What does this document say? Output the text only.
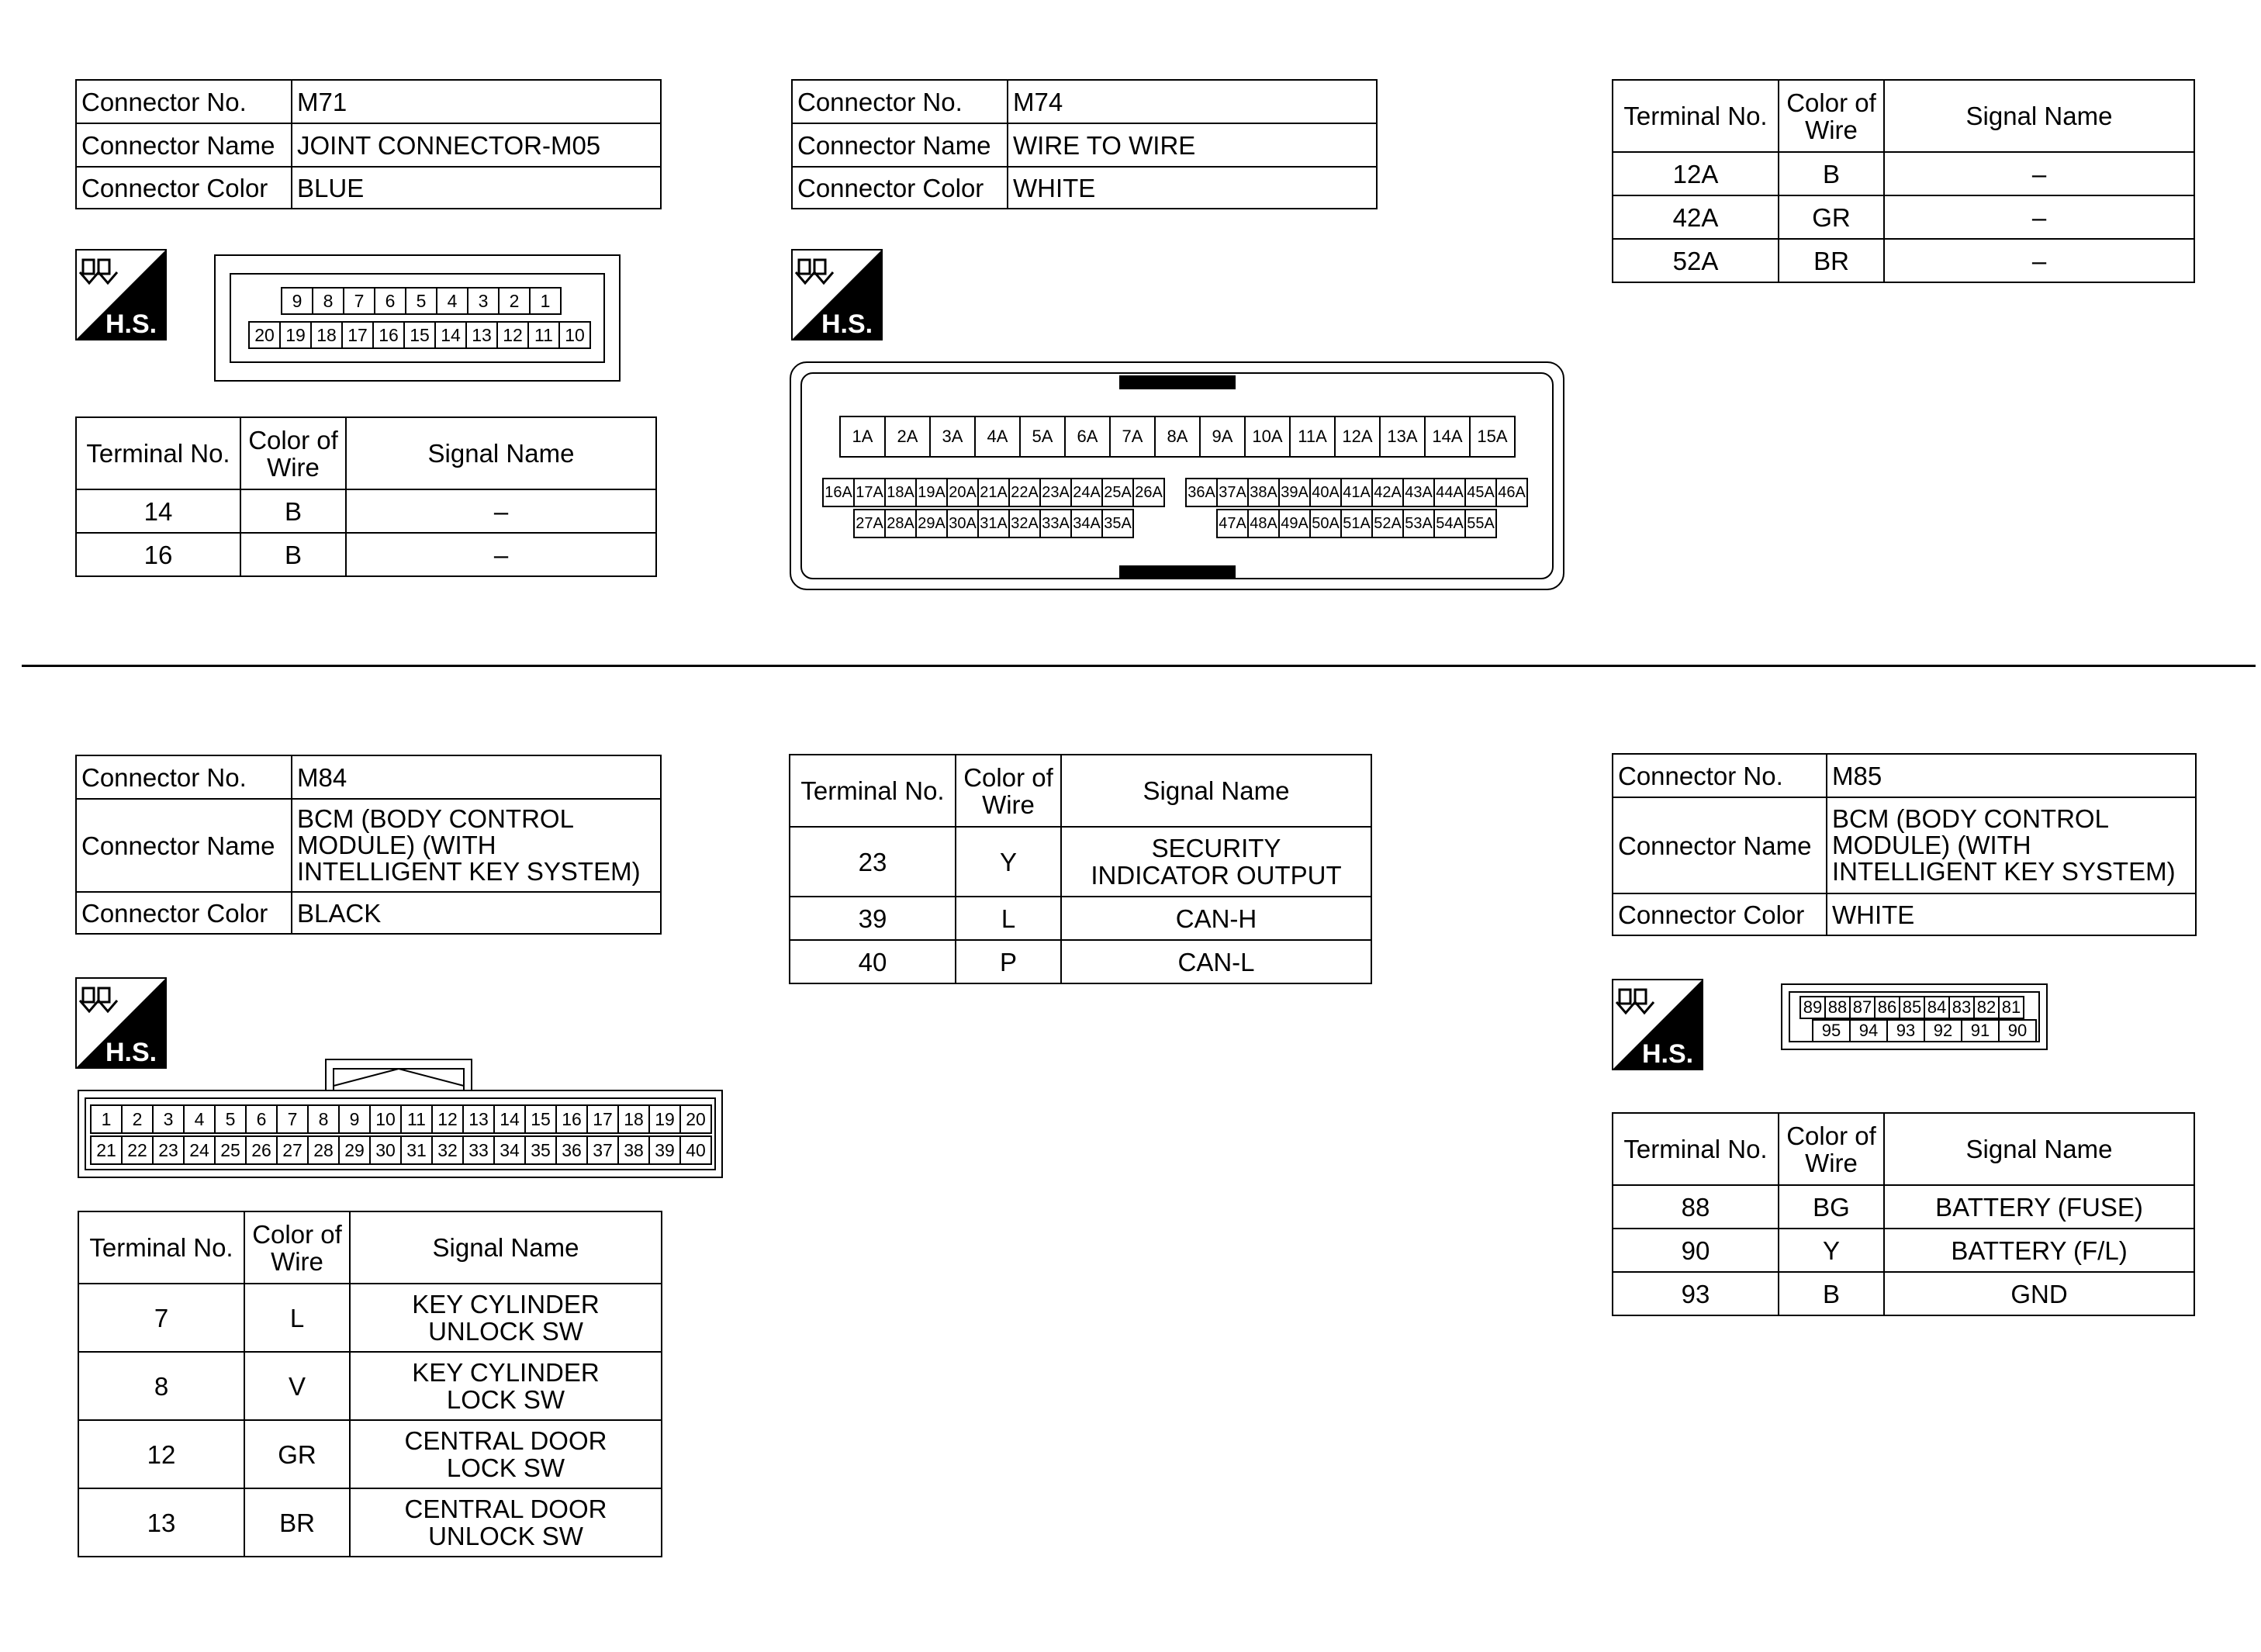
Connector No.	M71
Connector Name	JOINT CONNECTOR-M05
Connector Color	BLUE
H.S.
9	8	7	6	5	4	3	2	1
20 19 18 17 16 15 14 13 12 11 10
Terminal No.	Color of Wire	Signal Name
14	B	–
16	B	–
Connector No.	M74
Connector Name	WIRE TO WIRE
Connector Color	WHITE
H.S.
1A	2A	3A	4A	5A	6A	7A	8A	9A	10A 11A 12A 13A 14A 15A
16A 17A 18A 19A 20A 21A 22A 23A 24A 25A 26A 36A 37A 38A 39A 40A 41A 42A 43A 44A 45A 46A
27A 28A 29A 30A 31A 32A 33A 34A 35A	47A 48A 49A 50A 51A 52A 53A 54A 55A
Terminal No.	Color of Wire	Signal Name
12A	B	–
42A	GR	–
52A	BR	–
Connector No.	M84
Connector Name	BCM (BODY CONTROL
MODULE) (WITH
INTELLIGENT KEY SYSTEM)

Connector Color	BLACK
H.S.
1	2	3	4	5	6	7	8	9 10 11 12 13 14 15 16 17 18 19 20
21 22 23 24 25 26 27 28 29 30 31 32 33 34 35 36 37 38 39 40
Terminal No.	Color of Wire	Signal Name
7	L	KEY CYLINDER
UNLOCK SW

8	V	KEY CYLINDER
LOCK SW

12	GR	CENTRAL DOOR
LOCK SW

13	BR	CENTRAL DOOR
UNLOCK SW
Terminal No.	Color of Wire	Signal Name
23	Y	SECURITY
INDICATOR OUTPUT

39	L	CAN-H
40	P	CAN-L
Connector No.	M85
Connector Name	BCM (BODY CONTROL
MODULE) (WITH
INTELLIGENT KEY SYSTEM)

Connector Color	WHITE
H.S.
89 88 87 86 85 84 83 82 81
95	94	93	92	91	90
Terminal No.	Color of Wire	Signal Name
88	BG	BATTERY (FUSE)
90	Y	BATTERY (F/L)
93	B	GND
